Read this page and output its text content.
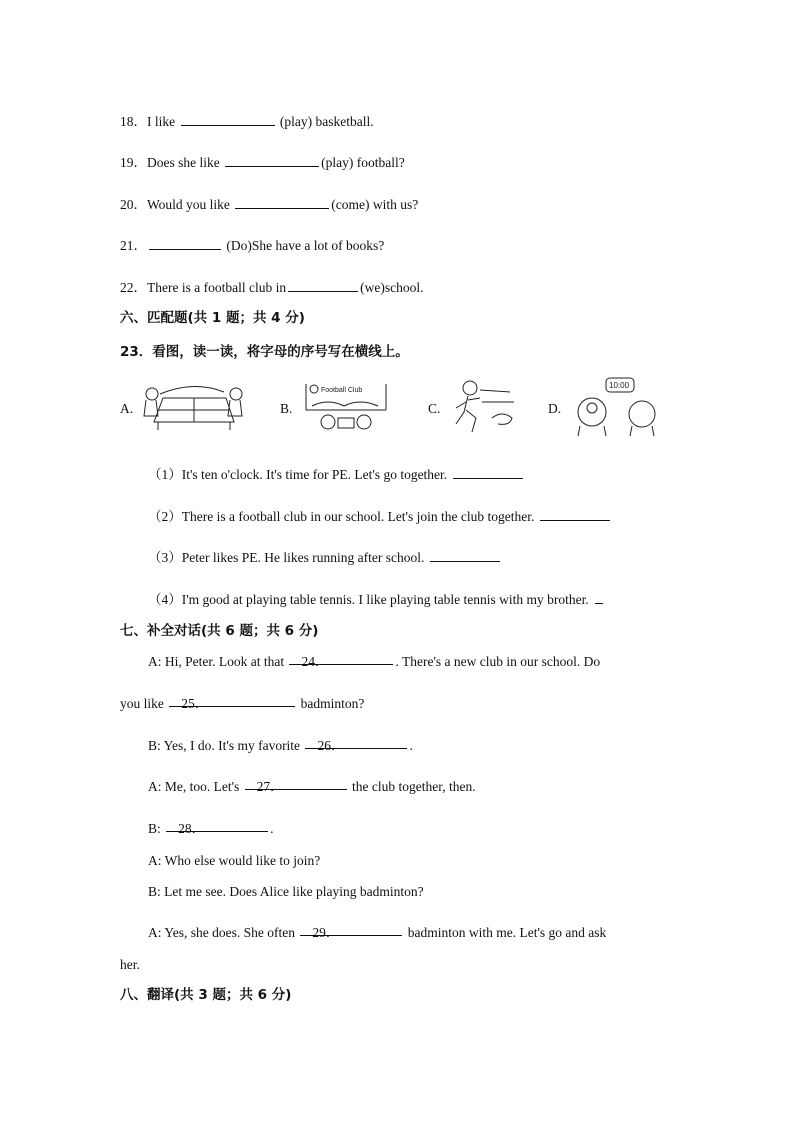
18．I like	(play) basketball.
19．Does she like	(play) football?
20．Would you like	(come) with us?
21．	(Do)She have a lot of books?
22．There is a football club in	(we)school.
六、匹配题(共 1 题；共 4 分)
23．看图，读一读，将字母的序号写在横线上。
A.	B.
Football Club
C.	D.
10:00
（1）It's ten o'clock. It's time for PE. Let's go together.
（2）There is a football club in our school. Let's join the club together.
（3）Peter likes PE. He likes running after school.
（4）I'm good at playing table tennis. I like playing table tennis with my brother.
七、补全对话(共 6 题；共 6 分)
A: Hi, Peter. Look at that 24．	. There's a new club in our school. Do
you like 25．	badminton?
B: Yes, I do. It's my favorite 26．	.
A: Me, too. Let's 27．	the club together, then.
B: 28．	.
A: Who else would like to join?
B: Let me see. Does Alice like playing badminton?
A: Yes, she does. She often 29．	badminton with me. Let's go and ask
her.
八、翻译(共 3 题；共 6 分)
